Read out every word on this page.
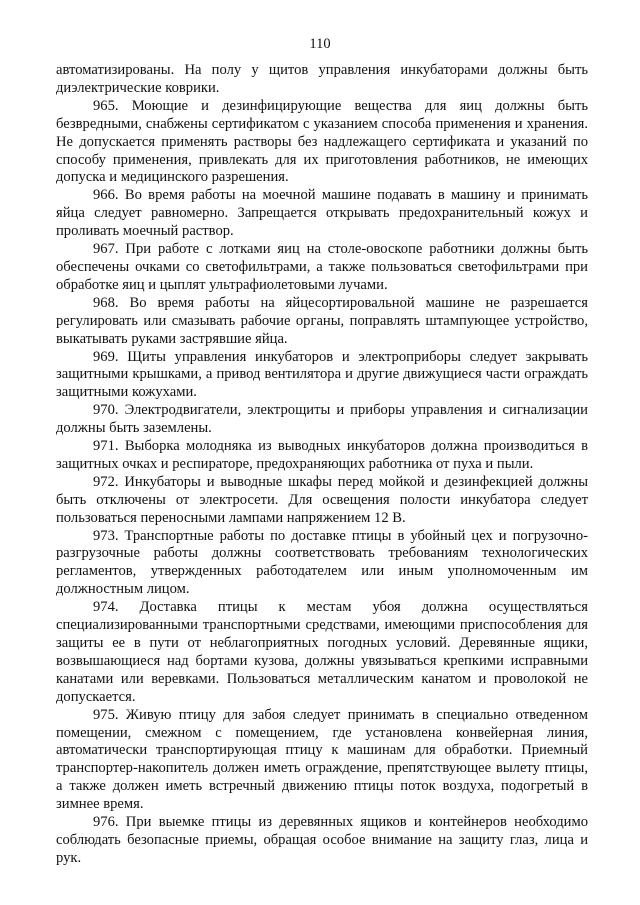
110

автоматизированы. На полу у щитов управления инкубаторами должны быть диэлектрические коврики.

965. Моющие и дезинфицирующие вещества для яиц должны быть безвредными, снабжены сертификатом с указанием способа применения и хранения. Не допускается применять растворы без надлежащего сертификата и указаний по способу применения, привлекать для их приготовления работников, не имеющих допуска и медицинского разрешения.

966. Во время работы на моечной машине подавать в машину и принимать яйца следует равномерно. Запрещается открывать предохранительный кожух и проливать моечный раствор.

967. При работе с лотками яиц на столе-овоскопе работники должны быть обеспечены очками со светофильтрами, а также пользоваться светофильтрами при обработке яиц и цыплят ультрафиолетовыми лучами.

968. Во время работы на яйцесортировальной машине не разрешается регулировать или смазывать рабочие органы, поправлять штампующее устройство, выкатывать руками застрявшие яйца.

969. Щиты управления инкубаторов и электроприборы следует закрывать защитными крышками, а привод вентилятора и другие движущиеся части ограждать защитными кожухами.

970. Электродвигатели, электрощиты и приборы управления и сигнализации должны быть заземлены.

971. Выборка молодняка из выводных инкубаторов должна производиться в защитных очках и респираторе, предохраняющих работника от пуха и пыли.

972. Инкубаторы и выводные шкафы перед мойкой и дезинфекцией должны быть отключены от электросети. Для освещения полости инкубатора следует пользоваться переносными лампами напряжением 12 В.

973. Транспортные работы по доставке птицы в убойный цех и погрузочно-разгрузочные работы должны соответствовать требованиям технологических регламентов, утвержденных работодателем или иным уполномоченным им должностным лицом.

974. Доставка птицы к местам убоя должна осуществляться специализированными транспортными средствами, имеющими приспособления для защиты ее в пути от неблагоприятных погодных условий. Деревянные ящики, возвышающиеся над бортами кузова, должны увязываться крепкими исправными канатами или веревками. Пользоваться металлическим канатом и проволокой не допускается.

975. Живую птицу для забоя следует принимать в специально отведенном помещении, смежном с помещением, где установлена конвейерная линия, автоматически транспортирующая птицу к машинам для обработки. Приемный транспортер-накопитель должен иметь ограждение, препятствующее вылету птицы, а также должен иметь встречный движению птицы поток воздуха, подогретый в зимнее время.

976. При выемке птицы из деревянных ящиков и контейнеров необходимо соблюдать безопасные приемы, обращая особое внимание на защиту глаз, лица и рук.
